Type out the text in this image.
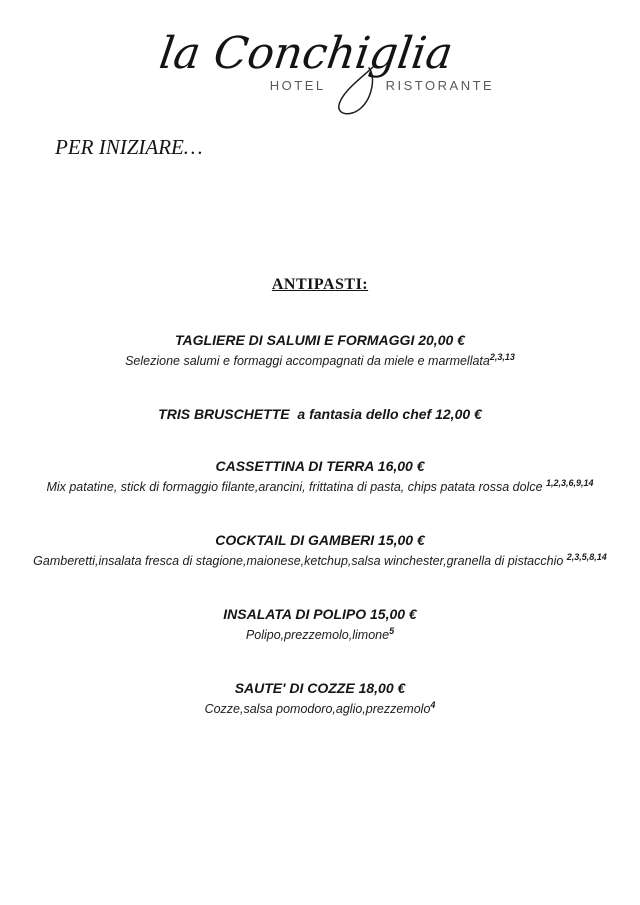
la Conchiglia
HOTEL	RISTORANTE
PER INIZIARE…
ANTIPASTI:
TAGLIERE DI SALUMI E FORMAGGI 20,00 €
Selezione salumi e formaggi accompagnati da miele e marmellata$^{2,3,13}$
TRIS BRUSCHETTE  a fantasia dello chef 12,00 €
CASSETTINA DI TERRA 16,00 €
Mix patatine, stick di formaggio filante,arancini, frittatina di pasta, chips patata rossa dolce $^{1,2,3,6,9,14}$
COCKTAIL DI GAMBERI 15,00 €
Gamberetti,insalata fresca di stagione,maionese,ketchup,salsa winchester,granella di pistacchio $^{2,3,5,8,14}$
INSALATA DI POLIPO 15,00 €
Polipo,prezzemolo,limone$^5$
SAUTE' DI COZZE 18,00 €
Cozze,salsa pomodoro,aglio,prezzemolo$^4$
